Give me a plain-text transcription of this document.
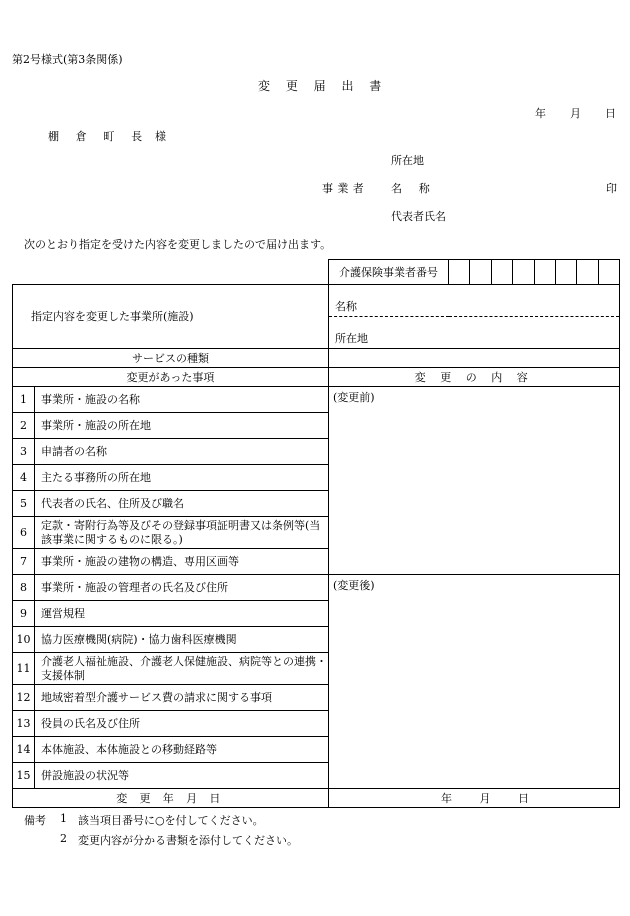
第2号様式(第3条関係)
変 更 届 出 書
年 月 日
棚 倉 町 長 様
所在地
事業者 名 称	印
代表者氏名
次のとおり指定を受けた内容を変更しましたので届け出ます。
		介護保険事業者番号	

指定内容を変更した事業所(施設)		名称	
		所在地	
サービスの種類			
変更があった事項		変 更 の 内 容	
1	事業所・施設の名称	(変更前)	
2	事業所・施設の所在地		
3	申請者の名称		
4	主たる事務所の所在地		
5	代表者の氏名、住所及び職名		
6	定款・寄附行為等及びその登録事項証明書又は条例等(当該事業に関するものに限る。)		
7	事業所・施設の建物の構造、専用区画等		
8	事業所・施設の管理者の氏名及び住所	(変更後)	
9	運営規程		
10	協力医療機関(病院)・協力歯科医療機関		
11	介護老人福祉施設、介護老人保健施設、病院等との連携・支援体制		
12	地域密着型介護サービス費の請求に関する事項		
13	役員の氏名及び住所		
14	本体施設、本体施設との移動経路等		
15	併設施設の状況等		
変 更 年 月 日		年 月 日	
備考 1 該当項目番号に○を付してください。
2 変更内容が分かる書類を添付してください。
